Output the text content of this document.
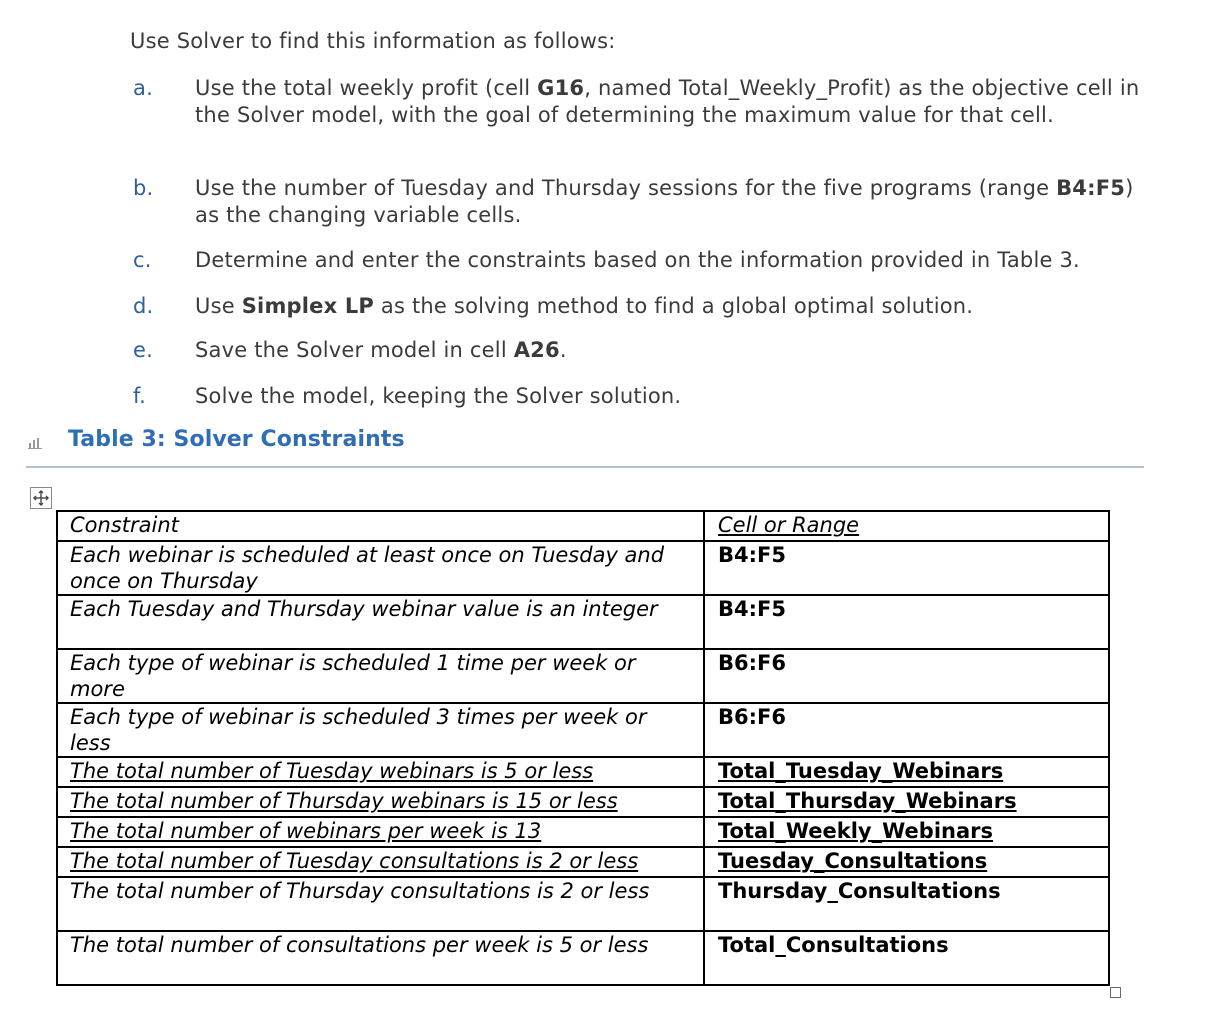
Use Solver to find this information as follows:
a. Use the total weekly profit (cell G16, named Total_Weekly_Profit) as the objective cell in the Solver model, with the goal of determining the maximum value for that cell.
b. Use the number of Tuesday and Thursday sessions for the five programs (range B4:F5) as the changing variable cells.
c. Determine and enter the constraints based on the information provided in Table 3.
d. Use Simplex LP as the solving method to find a global optimal solution.
e. Save the Solver model in cell A26.
f. Solve the model, keeping the Solver solution.
Table 3: Solver Constraints
Constraint	Cell or Range
Each webinar is scheduled at least once on Tuesday and once on Thursday	B4:F5
Each Tuesday and Thursday webinar value is an integer	B4:F5
Each type of webinar is scheduled 1 time per week or more	B6:F6
Each type of webinar is scheduled 3 times per week or less	B6:F6
The total number of Tuesday webinars is 5 or less	Total_Tuesday_Webinars
The total number of Thursday webinars is 15 or less	Total_Thursday_Webinars
The total number of webinars per week is 13	Total_Weekly_Webinars
The total number of Tuesday consultations is 2 or less	Tuesday_Consultations
The total number of Thursday consultations is 2 or less	Thursday_Consultations
The total number of consultations per week is 5 or less	Total_Consultations
